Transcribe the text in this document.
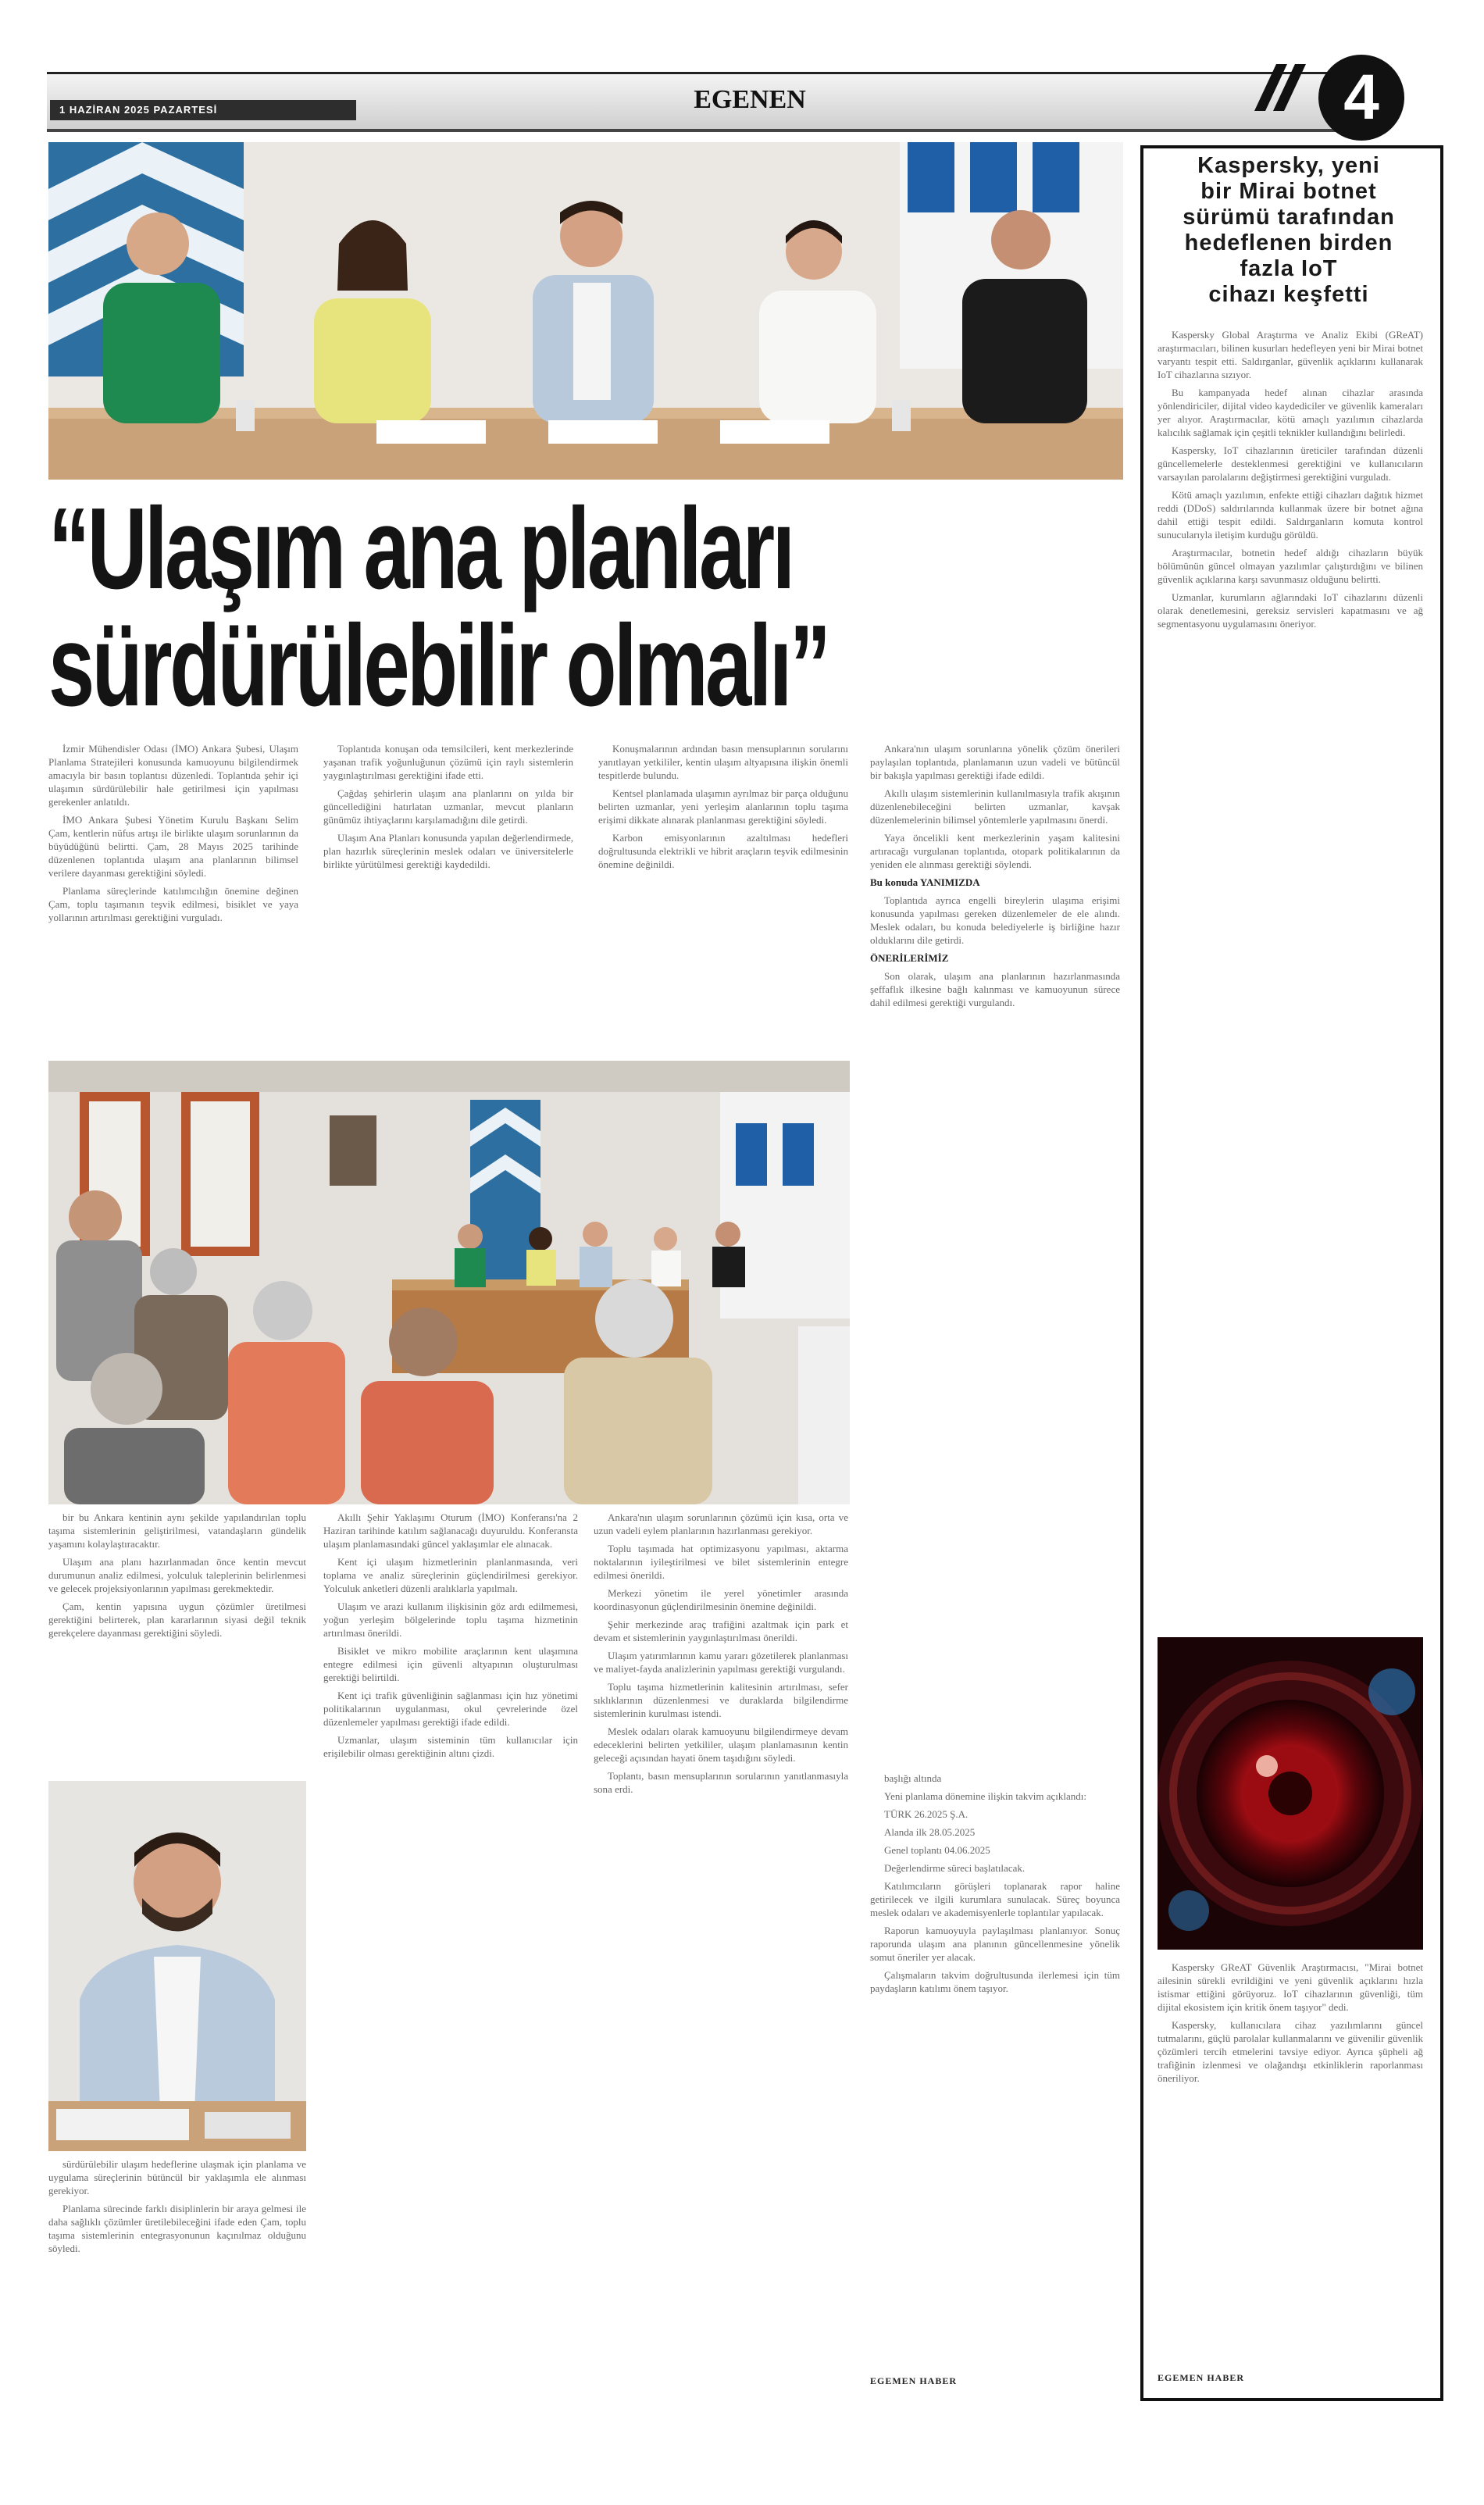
1 HAZİRAN 2025 PAZARTESİ	EGENEN	4
“Ulaşım ana planları
sürdürülebilir olmalı”

İzmir Mühendisler Odası (İMO) Ankara Şubesi, Ulaşım Planlama Stratejileri konusunda kamuoyunu bilgilendirmek amacıyla bir basın toplantısı düzenledi. Toplantıda şehir içi ulaşımın sürdürülebilir hale getirilmesi için yapılması gerekenler anlatıldı.

İMO Ankara Şubesi Yönetim Kurulu Başkanı Selim Çam, kentlerin nüfus artışı ile birlikte ulaşım sorunlarının da büyüdüğünü belirtti. Çam, 28 Mayıs 2025 tarihinde düzenlenen toplantıda ulaşım ana planlarının bilimsel verilere dayanması gerektiğini söyledi.

Planlama süreçlerinde katılımcılığın önemine değinen Çam, toplu taşımanın teşvik edilmesi, bisiklet ve yaya yollarının artırılması gerektiğini vurguladı.

Toplantıda konuşan oda temsilcileri, kent merkezlerinde yaşanan trafik yoğunluğunun çözümü için raylı sistemlerin yaygınlaştırılması gerektiğini ifade etti.

Çağdaş şehirlerin ulaşım ana planlarını on yılda bir güncellediğini hatırlatan uzmanlar, mevcut planların günümüz ihtiyaçlarını karşılamadığını dile getirdi.

Ulaşım Ana Planları konusunda yapılan değerlendirmede, plan hazırlık süreçlerinin meslek odaları ve üniversitelerle birlikte yürütülmesi gerektiği kaydedildi.

Konuşmalarının ardından basın mensuplarının sorularını yanıtlayan yetkililer, kentin ulaşım altyapısına ilişkin önemli tespitlerde bulundu.

Kentsel planlamada ulaşımın ayrılmaz bir parça olduğunu belirten uzmanlar, yeni yerleşim alanlarının toplu taşıma erişimi dikkate alınarak planlanması gerektiğini söyledi.

Karbon emisyonlarının azaltılması hedefleri doğrultusunda elektrikli ve hibrit araçların teşvik edilmesinin önemine değinildi.

Ankara'nın ulaşım sorunlarına yönelik çözüm önerileri paylaşılan toplantıda, planlamanın uzun vadeli ve bütüncül bir bakışla yapılması gerektiği ifade edildi.

Akıllı ulaşım sistemlerinin kullanılmasıyla trafik akışının düzenlenebileceğini belirten uzmanlar, kavşak düzenlemelerinin bilimsel yöntemlerle yapılmasını önerdi.

Yaya öncelikli kent merkezlerinin yaşam kalitesini artıracağı vurgulanan toplantıda, otopark politikalarının da yeniden ele alınması gerektiği söylendi.

Bu konuda YANIMIZDA

Toplantıda ayrıca engelli bireylerin ulaşıma erişimi konusunda yapılması gereken düzenlemeler de ele alındı. Meslek odaları, bu konuda belediyelerle iş birliğine hazır olduklarını dile getirdi.

ÖNERİLERİMİZ

Son olarak, ulaşım ana planlarının hazırlanmasında şeffaflık ilkesine bağlı kalınması ve kamuoyunun sürece dahil edilmesi gerektiği vurgulandı.

bir bu Ankara kentinin aynı şekilde yapılandırılan toplu taşıma sistemlerinin geliştirilmesi, vatandaşların gündelik yaşamını kolaylaştıracaktır.

Ulaşım ana planı hazırlanmadan önce kentin mevcut durumunun analiz edilmesi, yolculuk taleplerinin belirlenmesi ve gelecek projeksiyonlarının yapılması gerekmektedir.

Çam, kentin yapısına uygun çözümler üretilmesi gerektiğini belirterek, plan kararlarının siyasi değil teknik gerekçelere dayanması gerektiğini söyledi.

sürdürülebilir ulaşım hedeflerine ulaşmak için planlama ve uygulama süreçlerinin bütüncül bir yaklaşımla ele alınması gerekiyor.

Planlama sürecinde farklı disiplinlerin bir araya gelmesi ile daha sağlıklı çözümler üretilebileceğini ifade eden Çam, toplu taşıma sistemlerinin entegrasyonunun kaçınılmaz olduğunu söyledi.

Akıllı Şehir Yaklaşımı Oturum (İMO) Konferansı'na 2 Haziran tarihinde katılım sağlanacağı duyuruldu. Konferansta ulaşım planlamasındaki güncel yaklaşımlar ele alınacak.

Kent içi ulaşım hizmetlerinin planlanmasında, veri toplama ve analiz süreçlerinin güçlendirilmesi gerekiyor. Yolculuk anketleri düzenli aralıklarla yapılmalı.

Ulaşım ve arazi kullanım ilişkisinin göz ardı edilmemesi, yoğun yerleşim bölgelerinde toplu taşıma hizmetinin artırılması önerildi.

Bisiklet ve mikro mobilite araçlarının kent ulaşımına entegre edilmesi için güvenli altyapının oluşturulması gerektiği belirtildi.

Kent içi trafik güvenliğinin sağlanması için hız yönetimi politikalarının uygulanması, okul çevrelerinde özel düzenlemeler yapılması gerektiği ifade edildi.

Uzmanlar, ulaşım sisteminin tüm kullanıcılar için erişilebilir olması gerektiğinin altını çizdi.

Ankara'nın ulaşım sorunlarının çözümü için kısa, orta ve uzun vadeli eylem planlarının hazırlanması gerekiyor.

Toplu taşımada hat optimizasyonu yapılması, aktarma noktalarının iyileştirilmesi ve bilet sistemlerinin entegre edilmesi önerildi.

Merkezi yönetim ile yerel yönetimler arasında koordinasyonun güçlendirilmesinin önemine değinildi.

Şehir merkezinde araç trafiğini azaltmak için park et devam et sistemlerinin yaygınlaştırılması önerildi.

Ulaşım yatırımlarının kamu yararı gözetilerek planlanması ve maliyet-fayda analizlerinin yapılması gerektiği vurgulandı.

Toplu taşıma hizmetlerinin kalitesinin artırılması, sefer sıklıklarının düzenlenmesi ve duraklarda bilgilendirme sistemlerinin kurulması istendi.

Meslek odaları olarak kamuoyunu bilgilendirmeye devam edeceklerini belirten yetkililer, ulaşım planlamasının kentin geleceği açısından hayati önem taşıdığını söyledi.

Toplantı, basın mensuplarının sorularının yanıtlanmasıyla sona erdi.

başlığı altında

Yeni planlama dönemine ilişkin takvim açıklandı:

TÜRK 26.2025 Ş.A.

Alanda ilk 28.05.2025

Genel toplantı 04.06.2025

Değerlendirme süreci başlatılacak.

Katılımcıların görüşleri toplanarak rapor haline getirilecek ve ilgili kurumlara sunulacak. Süreç boyunca meslek odaları ve akademisyenlerle toplantılar yapılacak.

Raporun kamuoyuyla paylaşılması planlanıyor. Sonuç raporunda ulaşım ana planının güncellenmesine yönelik somut öneriler yer alacak.

Çalışmaların takvim doğrultusunda ilerlemesi için tüm paydaşların katılımı önem taşıyor.

EGEMEN HABER

Kaspersky, yeni
bir Mirai botnet
sürümü tarafından
hedeflenen birden
fazla IoT
cihazı keşfetti

Kaspersky Global Araştırma ve Analiz Ekibi (GReAT) araştırmacıları, bilinen kusurları hedefleyen yeni bir Mirai botnet varyantı tespit etti. Saldırganlar, güvenlik açıklarını kullanarak IoT cihazlarına sızıyor.

Bu kampanyada hedef alınan cihazlar arasında yönlendiriciler, dijital video kaydediciler ve güvenlik kameraları yer alıyor. Araştırmacılar, kötü amaçlı yazılımın cihazlarda kalıcılık sağlamak için çeşitli teknikler kullandığını belirledi.

Kaspersky, IoT cihazlarının üreticiler tarafından düzenli güncellemelerle desteklenmesi gerektiğini ve kullanıcıların varsayılan parolalarını değiştirmesi gerektiğini vurguladı.

Kötü amaçlı yazılımın, enfekte ettiği cihazları dağıtık hizmet reddi (DDoS) saldırılarında kullanmak üzere bir botnet ağına dahil ettiği tespit edildi. Saldırganların komuta kontrol sunucularıyla iletişim kurduğu görüldü.

Araştırmacılar, botnetin hedef aldığı cihazların büyük bölümünün güncel olmayan yazılımlar çalıştırdığını ve bilinen güvenlik açıklarına karşı savunmasız olduğunu belirtti.

Uzmanlar, kurumların ağlarındaki IoT cihazlarını düzenli olarak denetlemesini, gereksiz servisleri kapatmasını ve ağ segmentasyonu uygulamasını öneriyor.

Kaspersky GReAT Güvenlik Araştırmacısı, "Mirai botnet ailesinin sürekli evrildiğini ve yeni güvenlik açıklarını hızla istismar ettiğini görüyoruz. IoT cihazlarının güvenliği, tüm dijital ekosistem için kritik önem taşıyor" dedi.

Kaspersky, kullanıcılara cihaz yazılımlarını güncel tutmalarını, güçlü parolalar kullanmalarını ve güvenilir güvenlik çözümleri tercih etmelerini tavsiye ediyor. Ayrıca şüpheli ağ trafiğinin izlenmesi ve olağandışı etkinliklerin raporlanması öneriliyor.

EGEMEN HABER
